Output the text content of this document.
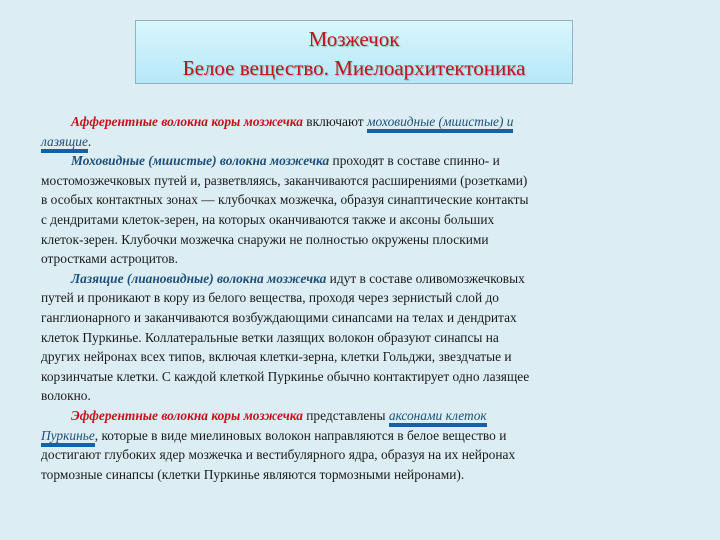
Мозжечок
Белое вещество. Миелоархитектоника
Афферентные волокна коры мозжечка включают моховидные (мшистые) и
лазящие.
Моховидные (мшистые) волокна мозжечка проходят в составе спинно- и
мостомозжечковых путей и, разветвляясь, заканчиваются расширениями (розетками)
в особых контактных зонах — клубочках мозжечка, образуя синаптические контакты
с дендритами клеток-зерен, на которых оканчиваются также и аксоны больших
клеток-зерен. Клубочки мозжечка снаружи не полностью окружены плоскими
отростками астроцитов.
Лазящие (лиановидные) волокна мозжечка идут в составе оливомозжечковых
путей и проникают в кору из белого вещества, проходя через зернистый слой до
ганглионарного и заканчиваются возбуждающими синапсами на телах и дендритах
клеток Пуркинье. Коллатеральные ветки лазящих волокон образуют синапсы на
других нейронах всех типов, включая клетки-зерна, клетки Гольджи, звездчатые и
корзинчатые клетки. С каждой клеткой Пуркинье обычно контактирует одно лазящее
волокно.
Эфферентные волокна коры мозжечка представлены аксонами клеток
Пуркинье, которые в виде миелиновых волокон направляются в белое вещество и
достигают глубоких ядер мозжечка и вестибулярного ядра, образуя на их нейронах
тормозные синапсы (клетки Пуркинье являются тормозными нейронами).
